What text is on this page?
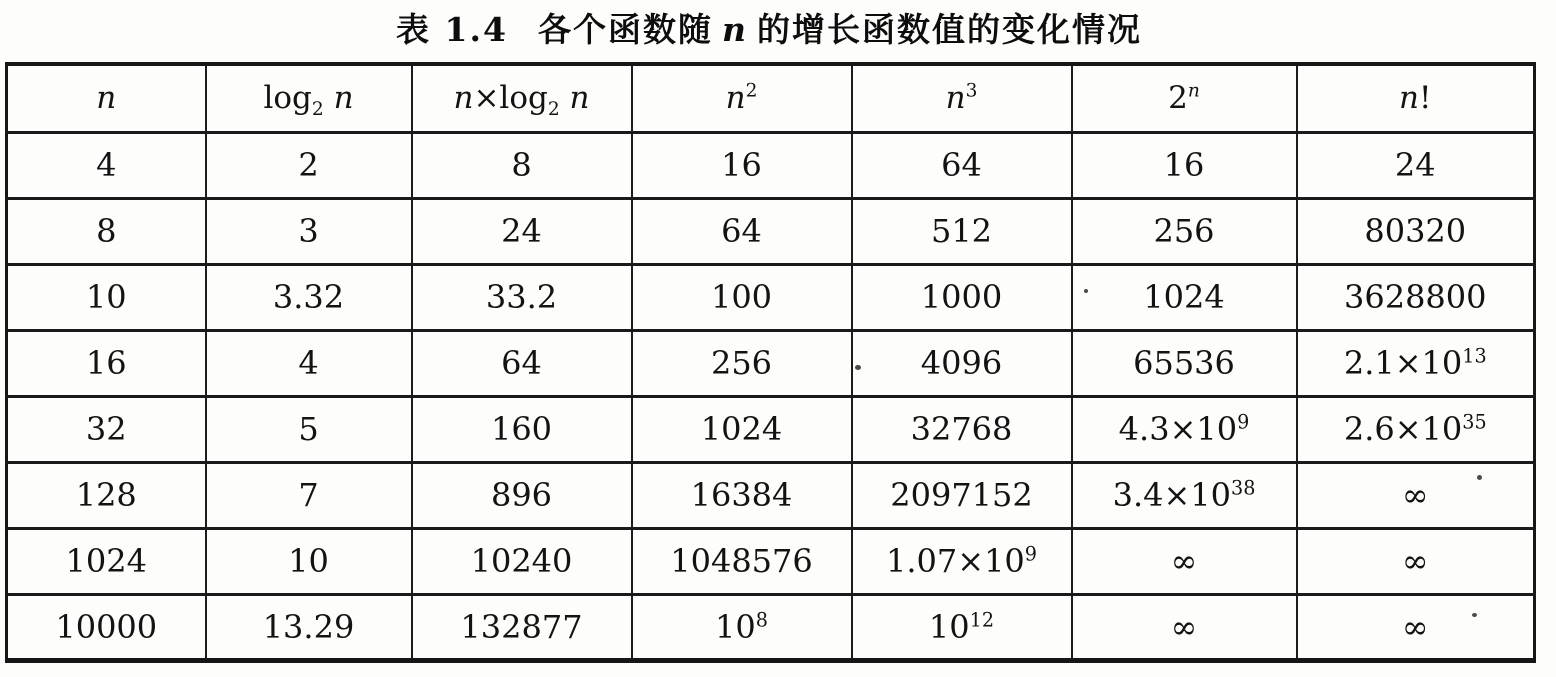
表 1.4 各个函数随 n 的增长函数值的变化情况
n	$\log_2 n$	$n\times\log_2$ n	$n^2$	$n^3$	2$^n$	n!
4	2	8	16	64	16	24
8	3	24	64	512	256	80320
10	3.32	33.2	100	1000	1024	3628800
16	4	64	256	4096	65536	$2.1\times 10^{13}$
32	5	160	1024	32768	$4.3\times 10^9$	$2.6\times 10^{35}$
128	7	896	16384	2097152	$3.4\times 10^{38}$	∞
1024	10	10240	1048576	$1.07\times 10^9$	∞	∞
10000	13.29	132877	$10^8$	$10^{12}$	∞	∞
